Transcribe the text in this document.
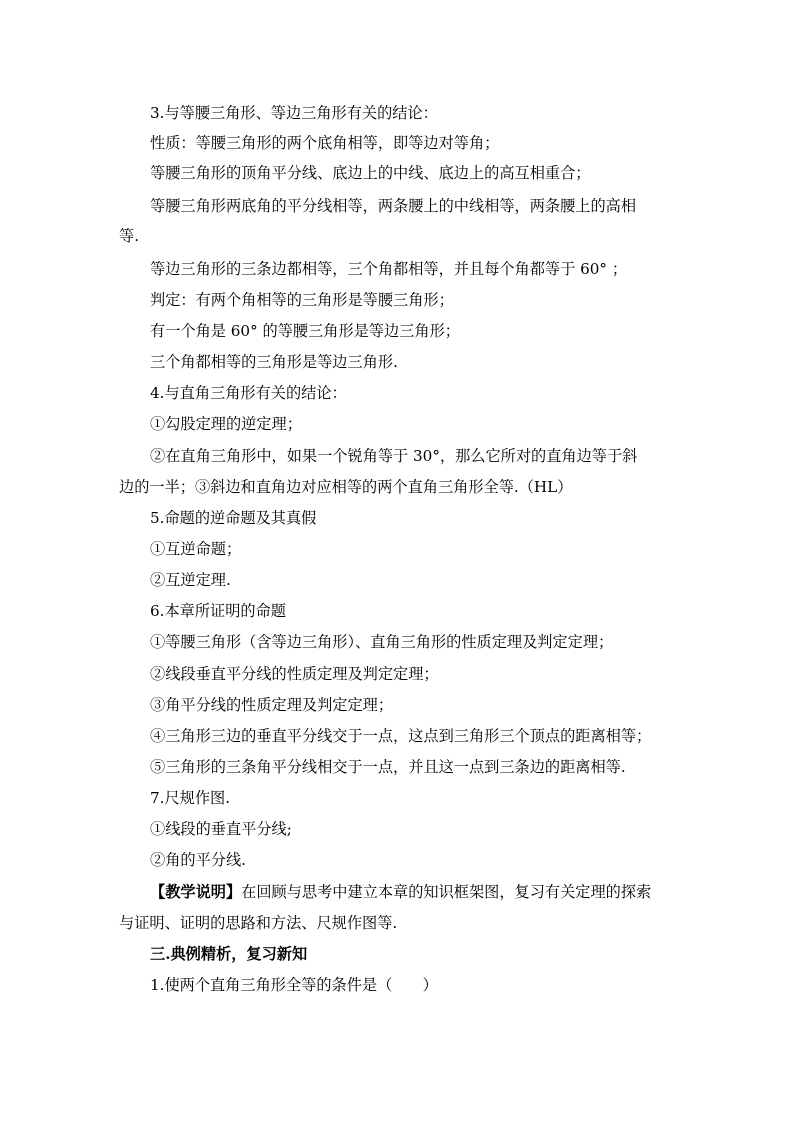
3.与等腰三角形、等边三角形有关的结论：
性质：等腰三角形的两个底角相等，即等边对等角；
等腰三角形的顶角平分线、底边上的中线、底边上的高互相重合；
等腰三角形两底角的平分线相等，两条腰上的中线相等，两条腰上的高相
等.
等边三角形的三条边都相等，三个角都相等，并且每个角都等于 60° ；
判定：有两个角相等的三角形是等腰三角形；
有一个角是 60° 的等腰三角形是等边三角形；
三个角都相等的三角形是等边三角形.
4.与直角三角形有关的结论：
①勾股定理的逆定理；
②在直角三角形中，如果一个锐角等于 30°，那么它所对的直角边等于斜
边的一半；③斜边和直角边对应相等的两个直角三角形全等.（HL）
5.命题的逆命题及其真假
①互逆命题；
②互逆定理.
6.本章所证明的命题
①等腰三角形（含等边三角形）、直角三角形的性质定理及判定定理；
②线段垂直平分线的性质定理及判定定理；
③角平分线的性质定理及判定定理；
④三角形三边的垂直平分线交于一点，这点到三角形三个顶点的距离相等；
⑤三角形的三条角平分线相交于一点，并且这一点到三条边的距离相等.
7.尺规作图.
①线段的垂直平分线;
②角的平分线.
【教学说明】在回顾与思考中建立本章的知识框架图，复习有关定理的探索
与证明、证明的思路和方法、尺规作图等.
三.典例精析，复习新知
1.使两个直角三角形全等的条件是（　　）
